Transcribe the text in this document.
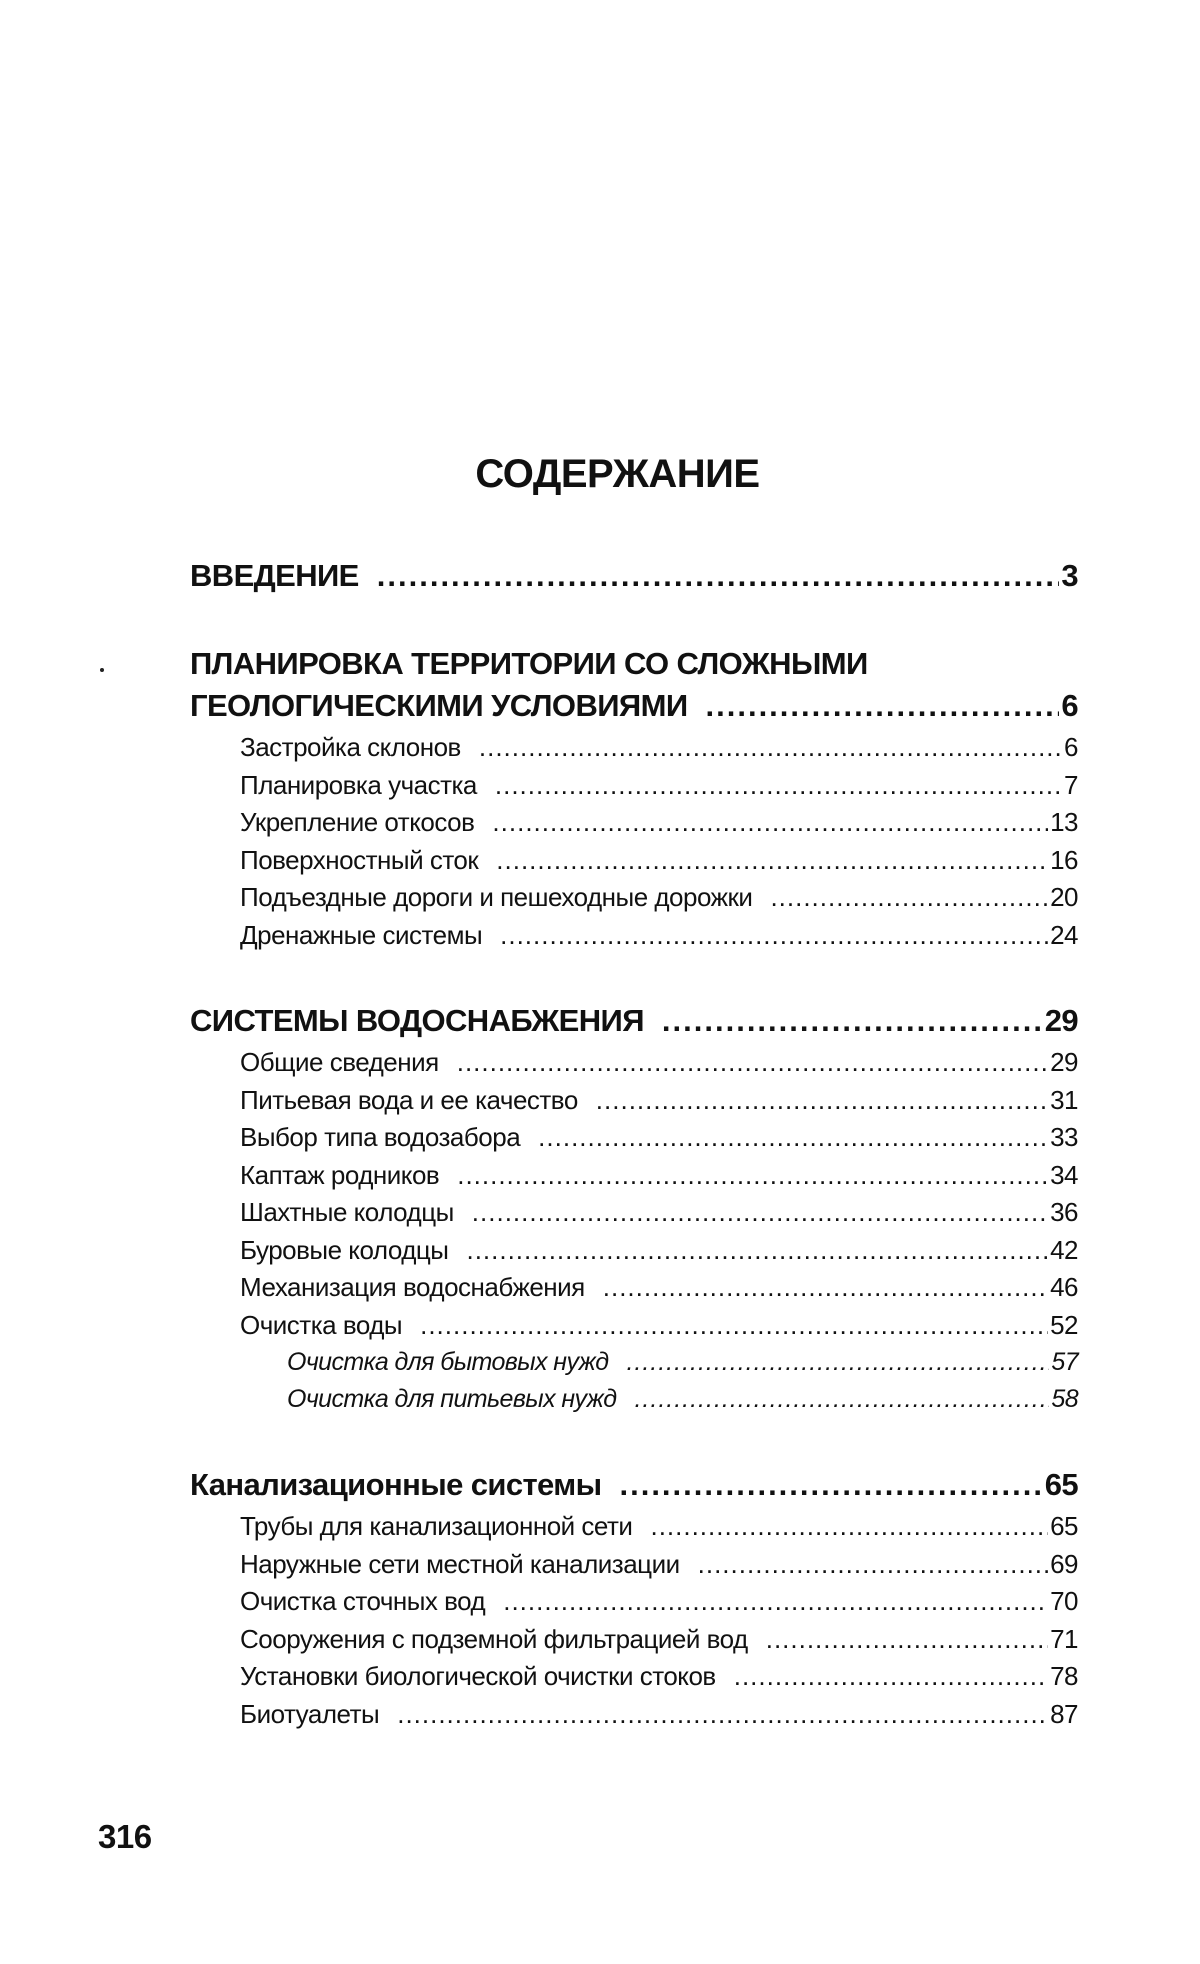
СОДЕРЖАНИЕ
ВВЕДЕНИЕ .....	3
ПЛАНИРОВКА ТЕРРИТОРИИ СО СЛОЖНЫМИ
ГЕОЛОГИЧЕСКИМИ УСЛОВИЯМИ .....	6
Застройка склонов .....	6
Планировка участка .....	7
Укрепление откосов .....	13
Поверхностный сток .....	16
Подъездные дороги и пешеходные дорожки .....	20
Дренажные системы .....	24
СИСТЕМЫ ВОДОСНАБЖЕНИЯ .....	29
Общие сведения .....	29
Питьевая вода и ее качество .....	31
Выбор типа водозабора .....	33
Каптаж родников .....	34
Шахтные колодцы .....	36
Буровые колодцы .....	42
Механизация водоснабжения .....	46
Очистка воды .....	52
Очистка для бытовых нужд .....	57
Очистка для питьевых нужд .....	58
Канализационные системы .....	65
Трубы для канализационной сети .....	65
Наружные сети местной канализации .....	69
Очистка сточных вод .....	70
Сооружения с подземной фильтрацией вод .....	71
Установки биологической очистки стоков .....	78
Биотуалеты .....	87
316
